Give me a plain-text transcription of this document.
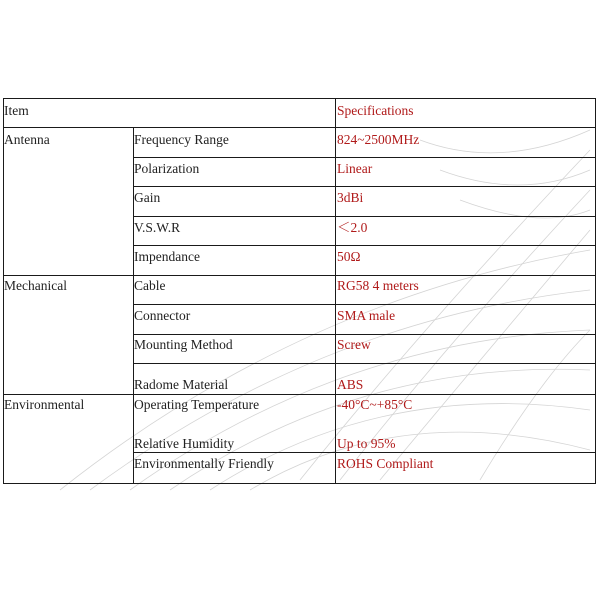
Item	Specifications
Antenna	Frequency Range	824~2500MHz
Polarization	Linear
Gain	3dBi
V.S.W.R	＜2.0
Impendance	50Ω
Mechanical	Cable	RG58 4 meters
Connector	SMA male
Mounting Method	Screw
Radome Material	ABS
Environmental	Operating Temperature	-40°C~+85°C
Relative Humidity	Up to 95%
Environmentally Friendly	ROHS Compliant
